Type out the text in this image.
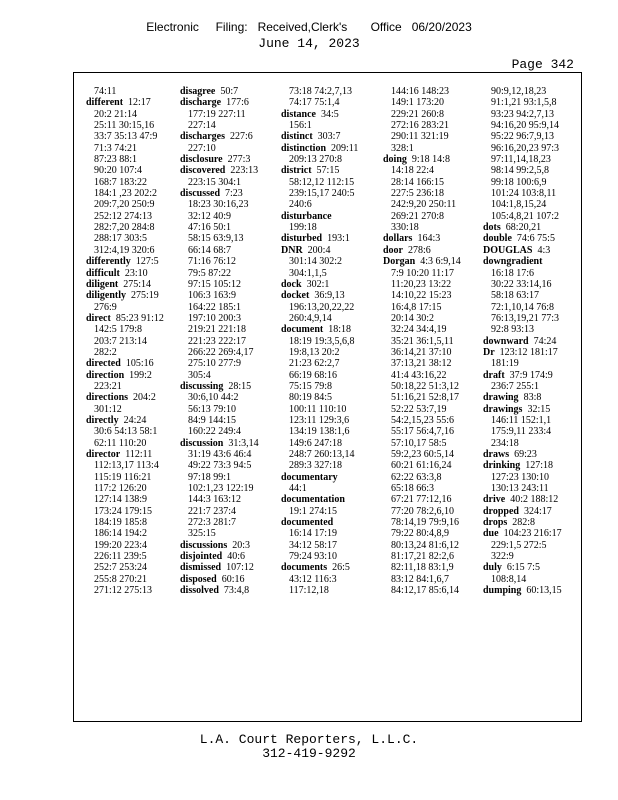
Electronic     Filing:   Received,Clerk's       Office   06/20/2023
June 14, 2023
Page 342
74:11
different 12:17
20:2 21:14
25:11 30:15,16
33:7 35:13 47:9
71:3 74:21
87:23 88:1
90:20 107:4
168:7 183:22
184:1 ,23 202:2
209:7,20 250:9
252:12 274:13
282:7,20 284:8
288:17 303:5
312:4,19 320:6
differently 127:5
difficult 23:10
diligent 275:14
diligently 275:19
276:9
direct 85:23 91:12
142:5 179:8
203:7 213:14
282:2
directed 105:16
direction 199:2
223:21
directions 204:2
301:12
directly 24:24
30:6 54:13 58:1
62:11 110:20
director 112:11
112:13,17 113:4
115:19 116:21
117:2 126:20
127:14 138:9
173:24 179:15
184:19 185:8
186:14 194:2
199:20 223:4
226:11 239:5
252:7 253:24
255:8 270:21
271:12 275:13
disagree 50:7
discharge 177:6
177:19 227:11
227:14
discharges 227:6
227:10
disclosure 277:3
discovered 223:13
223:15 304:1
discussed 7:23
18:23 30:16,23
32:12 40:9
47:16 50:1
58:15 63:9,13
66:14 68:7
71:16 76:12
79:5 87:22
97:15 105:12
106:3 163:9
164:22 185:1
197:10 200:3
219:21 221:18
221:23 222:17
266:22 269:4,17
275:10 277:9
305:4
discussing 28:15
30:6,10 44:2
56:13 79:10
84:9 144:15
160:22 249:4
discussion 31:3,14
31:19 43:6 46:4
49:22 73:3 94:5
97:18 99:1
102:1,23 122:19
144:3 163:12
221:7 237:4
272:3 281:7
325:15
discussions 20:3
disjointed 40:6
dismissed 107:12
disposed 60:16
dissolved 73:4,8
73:18 74:2,7,13
74:17 75:1,4
distance 34:5
156:1
distinct 303:7
distinction 209:11
209:13 270:8
district 57:15
58:12,12 112:15
239:15,17 240:5
240:6
disturbance
199:18
disturbed 193:1
DNR 200:4
301:14 302:2
304:1,1,5
dock 302:1
docket 36:9,13
196:13,20,22,22
260:4,9,14
document 18:18
18:19 19:3,5,6,8
19:8,13 20:2
21:23 62:2,7
66:19 68:16
75:15 79:8
80:19 84:5
100:11 110:10
123:11 129:3,6
134:19 138:1,6
149:6 247:18
248:7 260:13,14
289:3 327:18
documentary
44:1
documentation
19:1 274:15
documented
16:14 17:19
34:12 58:17
79:24 93:10
documents 26:5
43:12 116:3
117:12,18
144:16 148:23
149:1 173:20
229:21 260:8
272:16 283:21
290:11 321:19
328:1
doing 9:18 14:8
14:18 22:4
28:14 166:15
227:5 236:18
242:9,20 250:11
269:21 270:8
330:18
dollars 164:3
door 278:6
Dorgan 4:3 6:9,14
7:9 10:20 11:17
11:20,23 13:22
14:10,22 15:23
16:4,8 17:15
20:14 30:2
32:24 34:4,19
35:21 36:1,5,11
36:14,21 37:10
37:13,21 38:12
41:4 43:16,22
50:18,22 51:3,12
51:16,21 52:8,17
52:22 53:7,19
54:2,15,23 55:6
55:17 56:4,7,16
57:10,17 58:5
59:2,23 60:5,14
60:21 61:16,24
62:22 63:3,8
65:18 66:3
67:21 77:12,16
77:20 78:2,6,10
78:14,19 79:9,16
79:22 80:4,8,9
80:13,24 81:6,12
81:17,21 82:2,6
82:11,18 83:1,9
83:12 84:1,6,7
84:12,17 85:6,14
90:9,12,18,23
91:1,21 93:1,5,8
93:23 94:2,7,13
94:16,20 95:9,14
95:22 96:7,9,13
96:16,20,23 97:3
97:11,14,18,23
98:14 99:2,5,8
99:18 100:6,9
101:24 103:8,11
104:1,8,15,24
105:4,8,21 107:2
dots 68:20,21
double 74:6 75:5
DOUGLAS 4:3
downgradient
16:18 17:6
30:22 33:14,16
58:18 63:17
72:1,10,14 76:8
76:13,19,21 77:3
92:8 93:13
downward 74:24
Dr 123:12 181:17
181:19
draft 37:9 174:9
236:7 255:1
drawing 83:8
drawings 32:15
146:11 152:1,1
175:9,11 233:4
234:18
draws 69:23
drinking 127:18
127:23 130:10
130:13 243:11
drive 40:2 188:12
dropped 324:17
drops 282:8
due 104:23 216:17
229:1,5 272:5
322:9
duly 6:15 7:5
108:8,14
dumping 60:13,15
L.A. Court Reporters, L.L.C.
312-419-9292
